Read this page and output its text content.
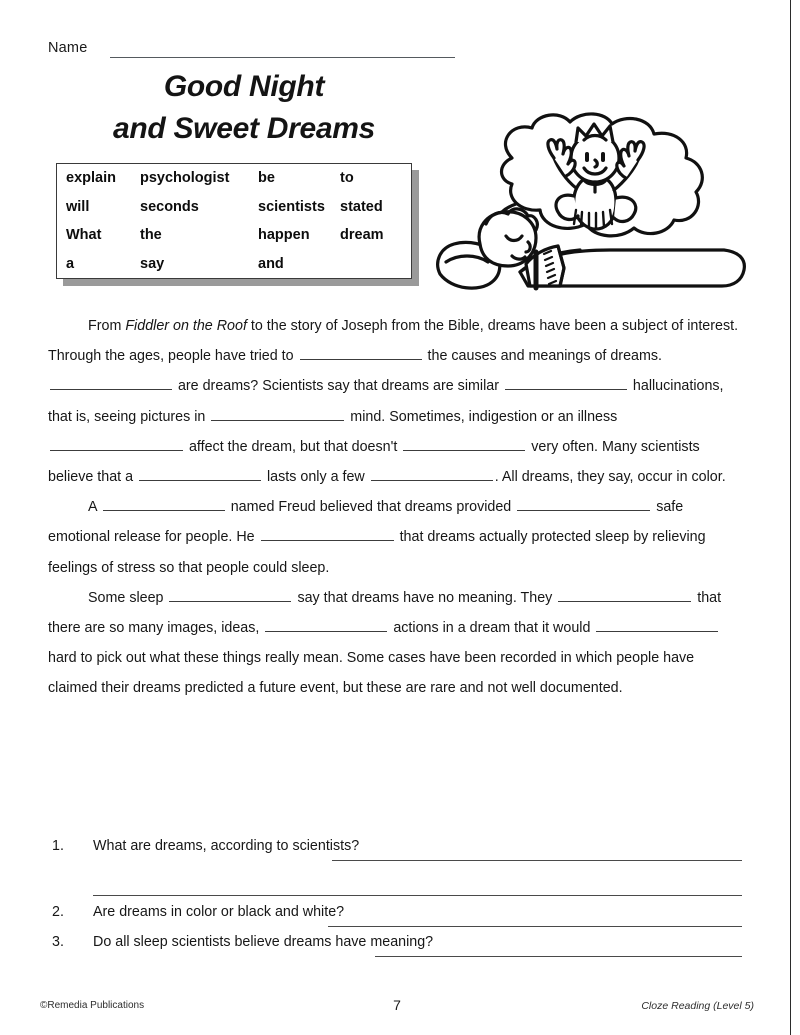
Name
Good Night
and Sweet Dreams
explain	psychologist	be	to
will	seconds	scientists	stated
What	the	happen	dream
a	say	and	

From Fiddler on the Roof to the story of Joseph from the Bible, dreams have been a subject of interest. Through the ages, people have tried to	the causes and meanings of dreams.  are dreams? Scientists say that dreams are similar	hallucinations, that is, seeing pictures in	mind. Sometimes, indigestion or an illness  affect the dream, but that doesn't	very often. Many scientists believe that a	lasts only a few	. All dreams, they say, occur in color.

A	named Freud believed that dreams provided	safe emotional release for people. He	that dreams actually protected sleep by relieving feelings of stress so that people could sleep.

Some sleep	say that dreams have no meaning. They	that there are so many images, ideas,	actions in a dream that it would  hard to pick out what these things really mean. Some cases have been recorded in which people have claimed their dreams predicted a future event, but these are rare and not well documented.

1. What are dreams, according to scientists?
2. Are dreams in color or black and white?
3. Do all sleep scientists believe dreams have meaning?
©Remedia Publications	7	Cloze Reading (Level 5)
